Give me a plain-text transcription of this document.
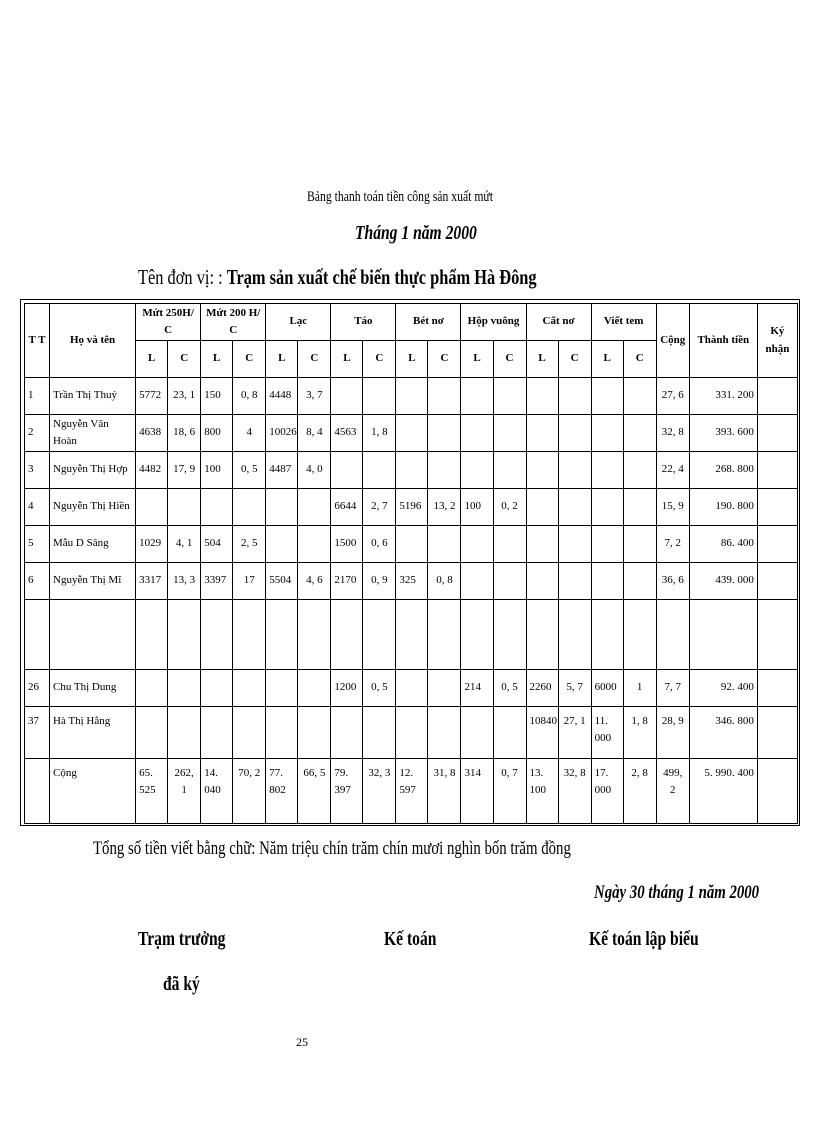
Bảng thanh toán tiền công sản xuất mứt
Tháng 1 năm 2000
Tên đơn vị: : Trạm sản xuất chế biến thực phẩm Hà Đông
T T	Họ và tên	Mứt 250H/ C		Mứt 200 H/ C		Lạc		Táo		Bét nơ		Hộp vuông		Cất nơ		Viết tem		Cộng	Thành tiền	Ký nhận
		L	C	L	C	L	C	L	C	L	C	L	C	L	C	L	C			
1	Trần Thị Thuỷ	5772	23, 1	150	0, 8	4448	3, 7											27, 6	331. 200	
2	Nguyễn Văn Hoàn	4638	18, 6	800	4	10026	8, 4	4563	1, 8									32, 8	393. 600	
3	Nguyễn Thị Hợp	4482	17, 9	100	0, 5	4487	4, 0											22, 4	268. 800	
4	Nguyễn Thị Hiền							6644	2, 7	5196	13, 2	100	0, 2					15, 9	190. 800	
5	Mẫu D Săng	1029	4, 1	504	2, 5			1500	0, 6									7, 2	86. 400	
6	Nguyễn Thị Mĩ	3317	13, 3	3397	17	5504	4, 6	2170	0, 9	325	0, 8							36, 6	439. 000	

26	Chu Thị Dung							1200	0, 5			214	0, 5	2260	5, 7	6000	1	7, 7	92. 400	
37	Hà Thị Hằng													10840	27, 1	11. 000	1, 8	28, 9	346. 800	
	Cộng	65. 525	262, 1	14. 040	70, 2	77. 802	66, 5	79. 397	32, 3	12. 597	31, 8	314	0, 7	13. 100	32, 8	17. 000	2, 8	499, 2	5. 990. 400	
Tổng số tiền viết bằng chữ: Năm triệu chín trăm chín mươi nghìn bốn trăm đồng
Ngày 30 tháng 1 năm 2000
Trạm trưởng	Kế toán	Kế toán lập biểu
đã ký
25
